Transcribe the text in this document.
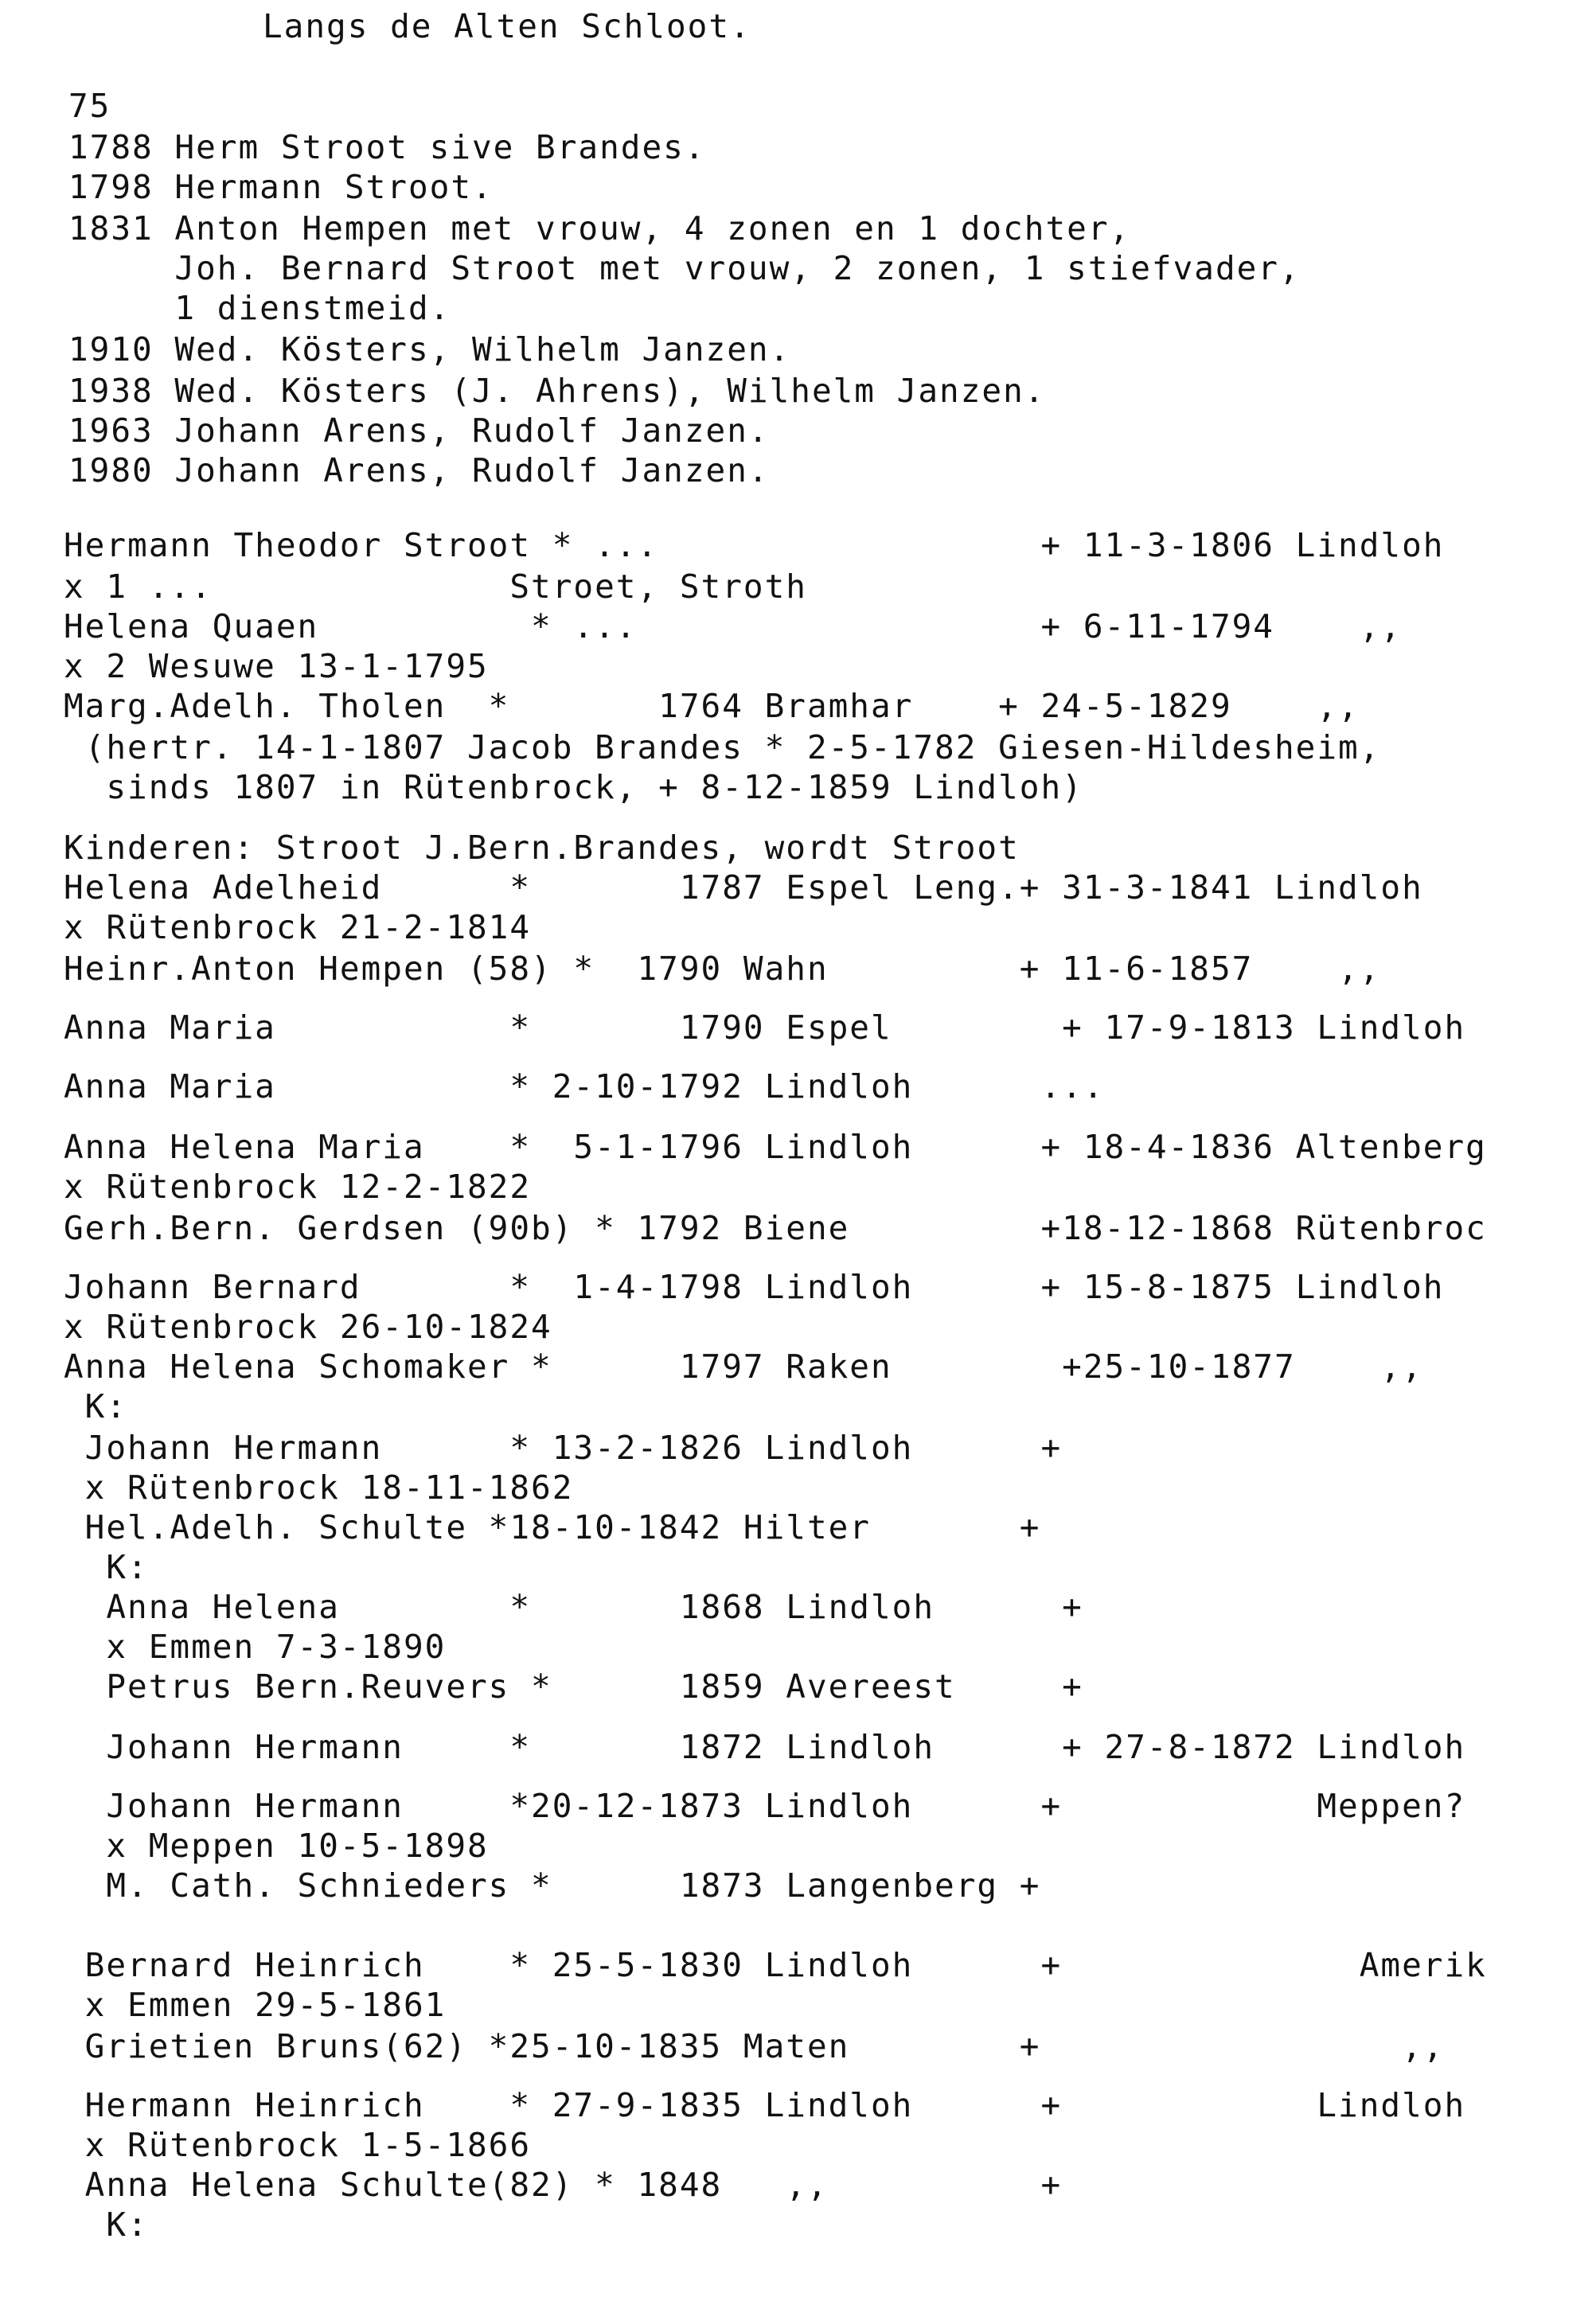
Langs de Alten Schloot.
75
1788 Herm Stroot sive Brandes.
1798 Hermann Stroot.
1831 Anton Hempen met vrouw, 4 zonen en 1 dochter,
Joh. Bernard Stroot met vrouw, 2 zonen, 1 stiefvader,
1 dienstmeid.
1910 Wed. Kösters, Wilhelm Janzen.
1938 Wed. Kösters (J. Ahrens), Wilhelm Janzen.
1963 Johann Arens, Rudolf Janzen.
1980 Johann Arens, Rudolf Janzen.
Hermann Theodor Stroot * ...                  + 11-3-1806 Lindloh
x 1 ...              Stroet, Stroth
Helena Quaen          * ...                   + 6-11-1794    ,,
x 2 Wesuwe 13-1-1795
Marg.Adelh. Tholen  *       1764 Bramhar    + 24-5-1829    ,,
(hertr. 14-1-1807 Jacob Brandes * 2-5-1782 Giesen-Hildesheim,
sinds 1807 in Rütenbrock, + 8-12-1859 Lindloh)
Kinderen: Stroot J.Bern.Brandes, wordt Stroot
Helena Adelheid      *       1787 Espel Leng.+ 31-3-1841 Lindloh
x Rütenbrock 21-2-1814
Heinr.Anton Hempen (58) *  1790 Wahn         + 11-6-1857    ,,
Anna Maria           *       1790 Espel        + 17-9-1813 Lindloh
Anna Maria           * 2-10-1792 Lindloh      ...
Anna Helena Maria    *  5-1-1796 Lindloh      + 18-4-1836 Altenberg
x Rütenbrock 12-2-1822
Gerh.Bern. Gerdsen (90b) * 1792 Biene         +18-12-1868 Rütenbroc
Johann Bernard       *  1-4-1798 Lindloh      + 15-8-1875 Lindloh
x Rütenbrock 26-10-1824
Anna Helena Schomaker *      1797 Raken        +25-10-1877    ,,
K:
Johann Hermann      * 13-2-1826 Lindloh      +
x Rütenbrock 18-11-1862
Hel.Adelh. Schulte *18-10-1842 Hilter       +
K:
Anna Helena        *       1868 Lindloh      +
x Emmen 7-3-1890
Petrus Bern.Reuvers *      1859 Avereest     +
Johann Hermann     *       1872 Lindloh      + 27-8-1872 Lindloh
Johann Hermann     *20-12-1873 Lindloh      +            Meppen?
x Meppen 10-5-1898
M. Cath. Schnieders *      1873 Langenberg +
Bernard Heinrich    * 25-5-1830 Lindloh      +              Amerik
x Emmen 29-5-1861
Grietien Bruns(62) *25-10-1835 Maten        +                 ,,
Hermann Heinrich    * 27-9-1835 Lindloh      +            Lindloh
x Rütenbrock 1-5-1866
Anna Helena Schulte(82) * 1848   ,,          +
K:
